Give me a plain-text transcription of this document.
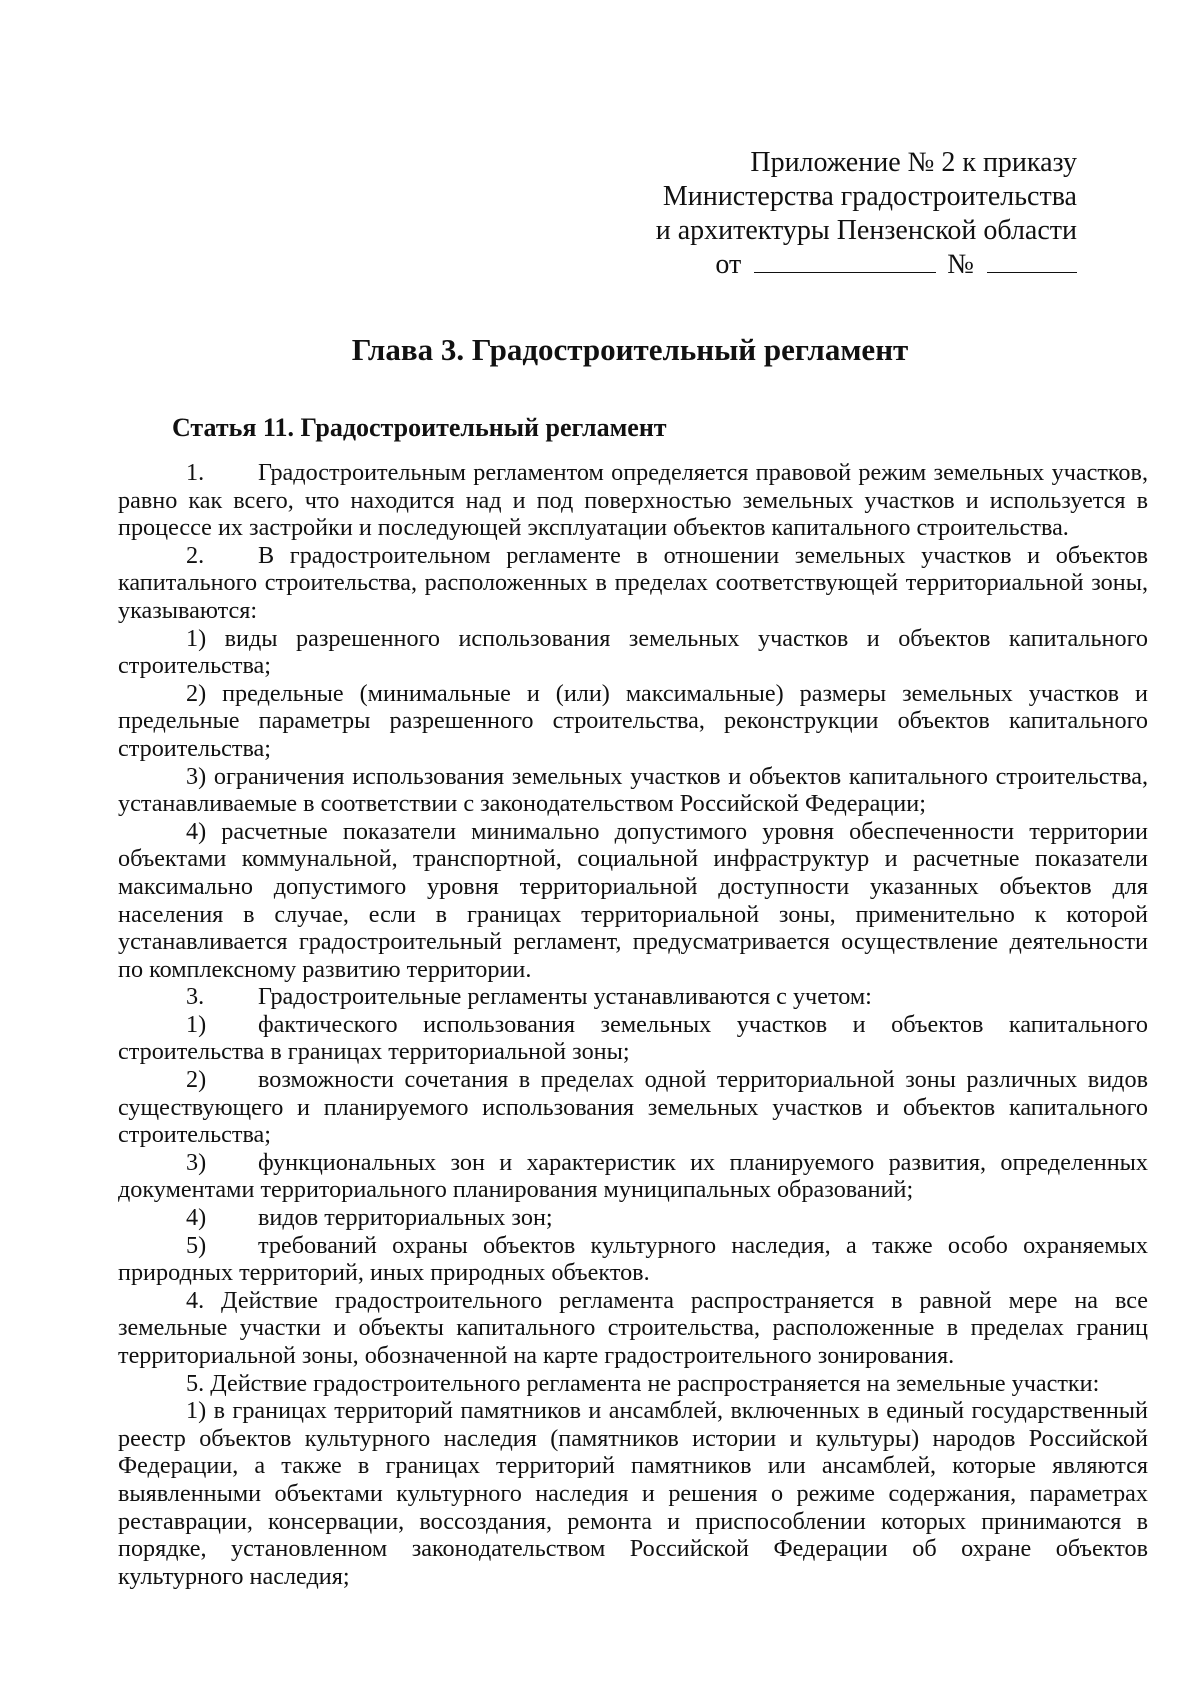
Приложение № 2 к приказу
Министерства градостроительства
и архитектуры Пензенской области
от	№
Глава 3. Градостроительный регламент
Статья 11. Градостроительный регламент

1. Градостроительным регламентом определяется правовой режим земельных участков, равно как всего, что находится над и под поверхностью земельных участков и используется в процессе их застройки и последующей эксплуатации объектов капитального строительства.

2. В градостроительном регламенте в отношении земельных участков и объектов капитального строительства, расположенных в пределах соответствующей территориальной зоны, указываются:

1) виды разрешенного использования земельных участков и объектов капитального строительства;

2) предельные (минимальные и (или) максимальные) размеры земельных участков и предельные параметры разрешенного строительства, реконструкции объектов капитального строительства;

3) ограничения использования земельных участков и объектов капитального строительства, устанавливаемые в соответствии с законодательством Российской Федерации;

4) расчетные показатели минимально допустимого уровня обеспеченности территории объектами коммунальной, транспортной, социальной инфраструктур и расчетные показатели максимально допустимого уровня территориальной доступности указанных объектов для населения в случае, если в границах территориальной зоны, применительно к которой устанавливается градостроительный регламент, предусматривается осуществление деятельности по комплексному развитию территории.

3. Градостроительные регламенты устанавливаются с учетом:

1) фактического использования земельных участков и объектов капитального строительства в границах территориальной зоны;

2) возможности сочетания в пределах одной территориальной зоны различных видов существующего и планируемого использования земельных участков и объектов капитального строительства;

3) функциональных зон и характеристик их планируемого развития, определенных документами территориального планирования муниципальных образований;

4) видов территориальных зон;

5) требований охраны объектов культурного наследия, а также особо охраняемых природных территорий, иных природных объектов.

4. Действие градостроительного регламента распространяется в равной мере на все земельные участки и объекты капитального строительства, расположенные в пределах границ территориальной зоны, обозначенной на карте градостроительного зонирования.

5. Действие градостроительного регламента не распространяется на земельные участки:

1) в границах территорий памятников и ансамблей, включенных в единый государственный реестр объектов культурного наследия (памятников истории и культуры) народов Российской Федерации, а также в границах территорий памятников или ансамблей, которые являются выявленными объектами культурного наследия и решения о режиме содержания, параметрах реставрации, консервации, воссоздания, ремонта и приспособлении которых принимаются в порядке, установленном законодательством Российской Федерации об охране объектов культурного наследия;
